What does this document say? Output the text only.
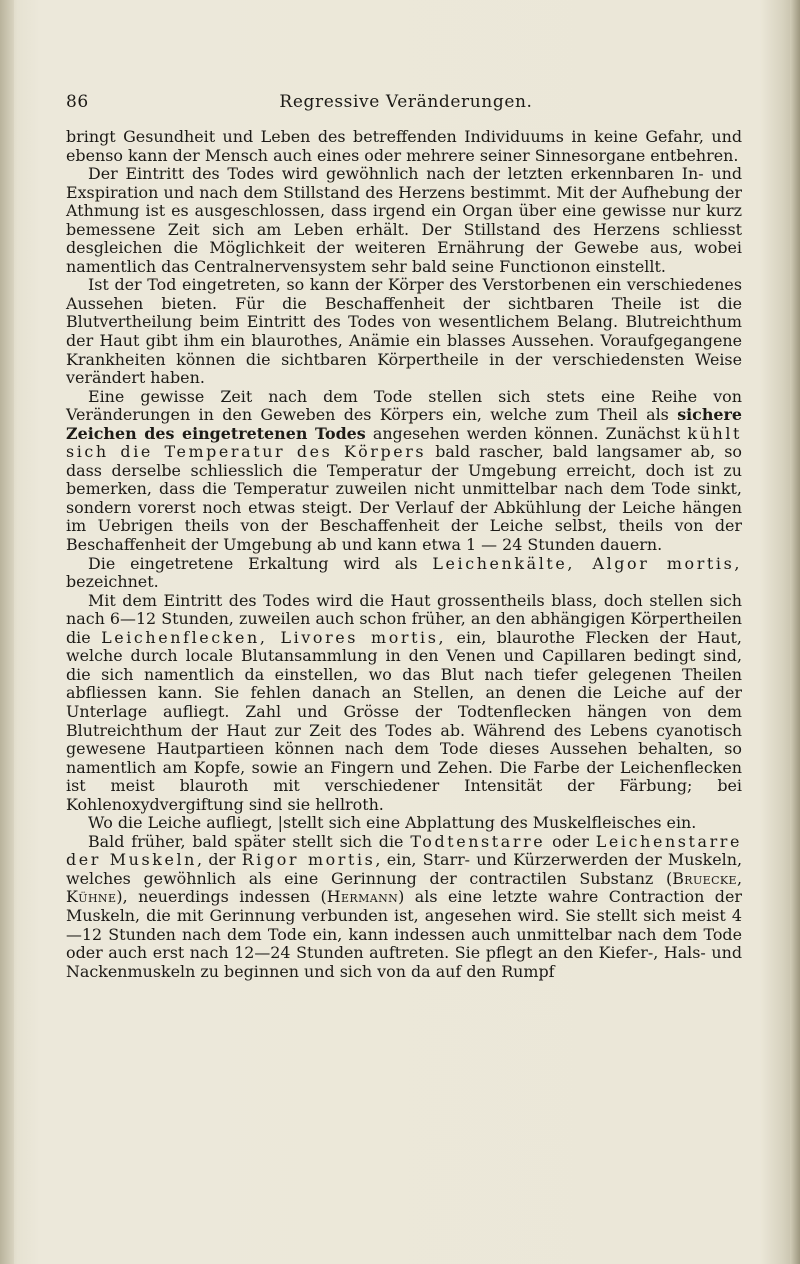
86	Regressive Veränderungen.

bringt Gesundheit und Leben des betreffenden Individuums in keine Gefahr, und ebenso kann der Mensch auch eines oder mehrere seiner Sinnesorgane entbehren.

Der Eintritt des Todes wird gewöhnlich nach der letzten erkennbaren In- und Exspiration und nach dem Stillstand des Herzens bestimmt. Mit der Aufhebung der Athmung ist es ausgeschlossen, dass irgend ein Organ über eine gewisse nur kurz bemessene Zeit sich am Leben erhält. Der Stillstand des Herzens schliesst desgleichen die Möglichkeit der weiteren Ernährung der Gewebe aus, wobei namentlich das Centralnervensystem sehr bald seine Functionon einstellt.

Ist der Tod eingetreten, so kann der Körper des Verstorbenen ein verschiedenes Aussehen bieten. Für die Beschaffenheit der sichtbaren Theile ist die Blutvertheilung beim Eintritt des Todes von wesentlichem Belang. Blutreichthum der Haut gibt ihm ein blaurothes, Anämie ein blasses Aussehen. Voraufgegangene Krankheiten können die sichtbaren Körpertheile in der verschiedensten Weise verändert haben.

Eine gewisse Zeit nach dem Tode stellen sich stets eine Reihe von Veränderungen in den Geweben des Körpers ein, welche zum Theil als sichere Zeichen des eingetretenen Todes angesehen werden können. Zunächst kühlt sich die Temperatur des Körpers bald rascher, bald langsamer ab, so dass derselbe schliesslich die Temperatur der Umgebung erreicht, doch ist zu bemerken, dass die Temperatur zuweilen nicht unmittelbar nach dem Tode sinkt, sondern vorerst noch etwas steigt. Der Verlauf der Abkühlung der Leiche hängen im Uebrigen theils von der Beschaffenheit der Leiche selbst, theils von der Beschaffenheit der Umgebung ab und kann etwa 1 — 24 Stunden dauern.

Die eingetretene Erkaltung wird als Leichenkälte, Algor mortis, bezeichnet.

Mit dem Eintritt des Todes wird die Haut grossentheils blass, doch stellen sich nach 6—12 Stunden, zuweilen auch schon früher, an den abhängigen Körpertheilen die Leichenflecken, Livores mortis, ein, blaurothe Flecken der Haut, welche durch locale Blutansammlung in den Venen und Capillaren bedingt sind, die sich namentlich da einstellen, wo das Blut nach tiefer gelegenen Theilen abfliessen kann. Sie fehlen danach an Stellen, an denen die Leiche auf der Unterlage aufliegt. Zahl und Grösse der Todtenflecken hängen von dem Blutreichthum der Haut zur Zeit des Todes ab. Während des Lebens cyanotisch gewesene Hautpartieen können nach dem Tode dieses Aussehen behalten, so namentlich am Kopfe, sowie an Fingern und Zehen. Die Farbe der Leichenflecken ist meist blauroth mit verschiedener Intensität der Färbung; bei Kohlenoxydvergiftung sind sie hellroth.

Wo die Leiche aufliegt, |stellt sich eine Abplattung des Muskelfleisches ein.

Bald früher, bald später stellt sich die Todtenstarre oder Leichenstarre der Muskeln, der Rigor mortis, ein, Starr- und Kürzerwerden der Muskeln, welches gewöhnlich als eine Gerinnung der contractilen Substanz (Bruecke, Kühne), neuerdings indessen (Hermann) als eine letzte wahre Contraction der Muskeln, die mit Gerinnung verbunden ist, angesehen wird. Sie stellt sich meist 4—12 Stunden nach dem Tode ein, kann indessen auch unmittelbar nach dem Tode oder auch erst nach 12—24 Stunden auftreten. Sie pflegt an den Kiefer-, Hals- und Nackenmuskeln zu beginnen und sich von da auf den Rumpf
